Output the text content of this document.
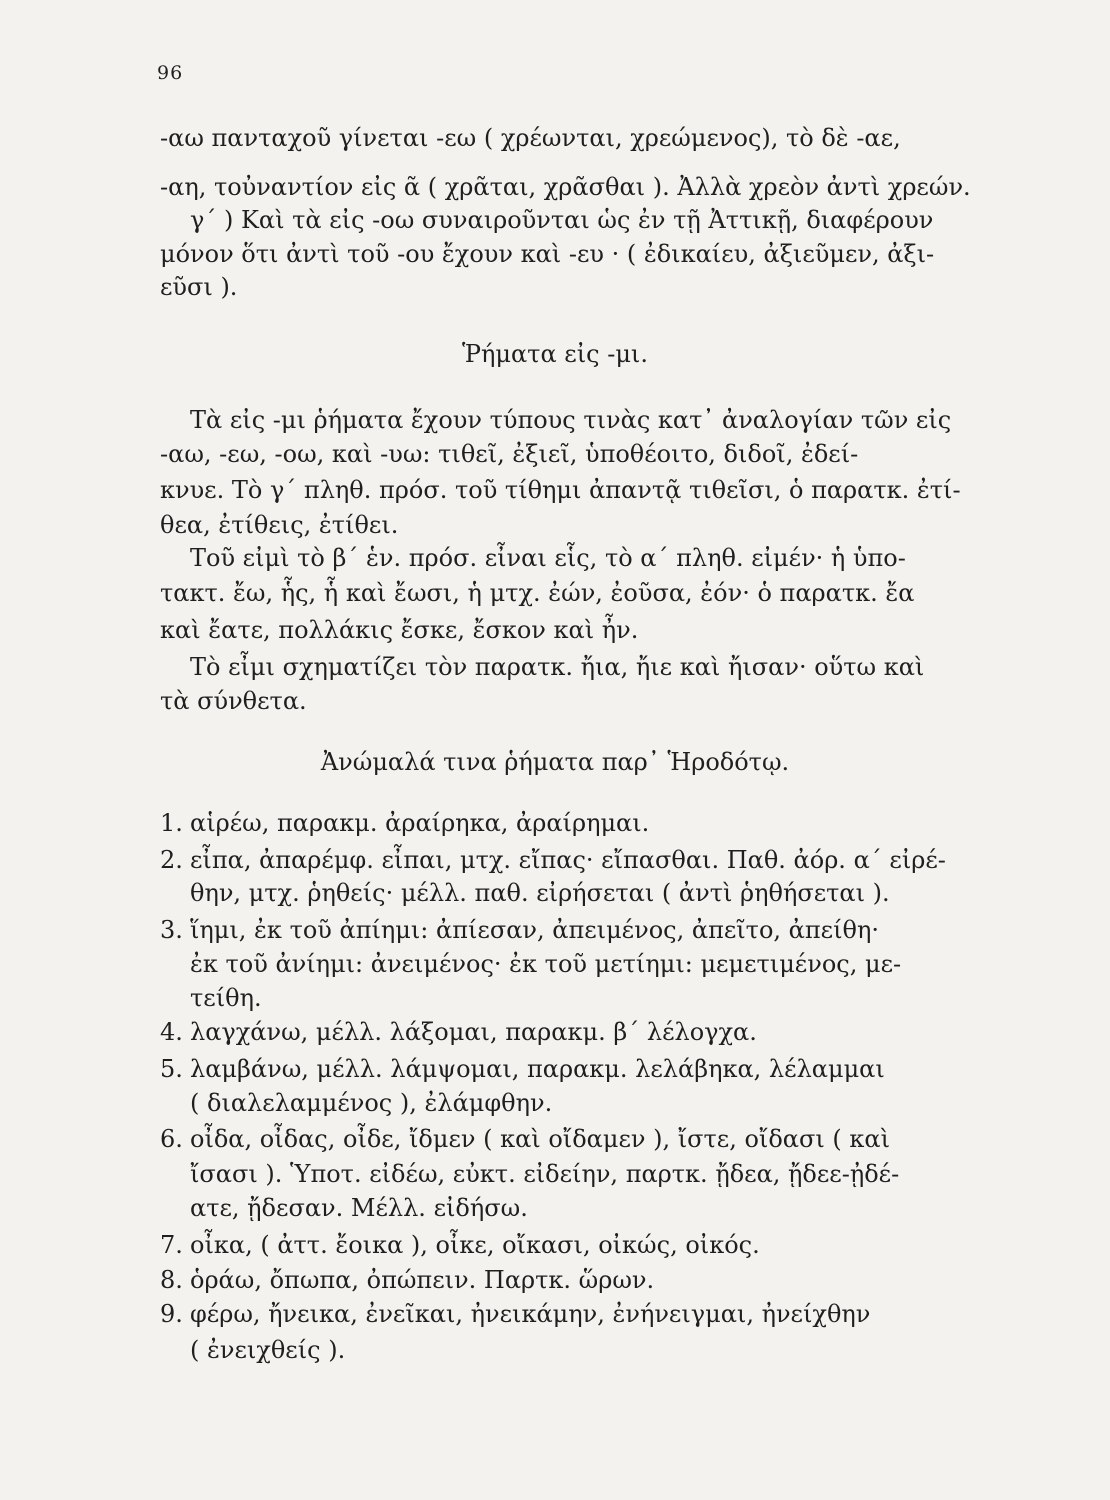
96
-αω πανταχοῦ γίνεται -εω ( χρέωνται, χρεώμενος), τὸ δὲ -αε,
-αη, τοὐναντίον εἰς ᾶ ( χρᾶται, χρᾶσθαι ). Ἀλλὰ χρεὸν ἀντὶ χρεών.
γ΄ ) Καὶ τὰ εἰς -οω συναιροῦνται ὡς ἐν τῇ Ἀττικῇ, διαφέρουν
μόνον ὅτι ἀντὶ τοῦ -ου ἔχουν καὶ -ευ · ( ἐδικαίευ, ἀξιεῦμεν, ἀξι-
εῦσι ).
Ῥήματα εἰς -μι.
Τὰ εἰς -μι ῥήματα ἔχουν τύπους τινὰς κατ᾿ ἀναλογίαν τῶν εἰς
-αω, -εω, -οω, καὶ -υω: τιθεῖ, ἐξιεῖ, ὑποθέοιτο, διδοῖ, ἐδεί-
κνυε. Τὸ γ΄ πληθ. πρόσ. τοῦ τίθημι ἀπαντᾷ τιθεῖσι, ὁ παρατκ. ἐτί-
θεα, ἐτίθεις, ἐτίθει.
Τοῦ εἰμὶ τὸ β΄ ἑν. πρόσ. εἶναι εἷς, τὸ α΄ πληθ. εἰμέν· ἡ ὑπο-
τακτ. ἔω, ἧς, ἧ καὶ ἔωσι, ἡ μτχ. ἐών, ἐοῦσα, ἐόν· ὁ παρατκ. ἔα
καὶ ἔατε, πολλάκις ἔσκε, ἔσκον καὶ ἦν.
Τὸ εἶμι σχηματίζει τὸν παρατκ. ἤια, ἤιε καὶ ἤισαν· οὕτω καὶ
τὰ σύνθετα.
Ἀνώμαλά τινα ῥήματα παρ᾿ Ἡροδότῳ.
1. αἱρέω, παρακμ. ἀραίρηκα, ἀραίρημαι.
2. εἶπα, ἀπαρέμφ. εἶπαι, μτχ. εἴπας· εἴπασθαι. Παθ. ἀόρ. α΄ εἰρέ-
θην, μτχ. ῥηθείς· μέλλ. παθ. εἰρήσεται ( ἀντὶ ῥηθήσεται ).
3. ἵημι, ἐκ τοῦ ἀπίημι: ἀπίεσαν, ἀπειμένος, ἀπεῖτο, ἀπείθη·
ἐκ τοῦ ἀνίημι: ἀνειμένος· ἐκ τοῦ μετίημι: μεμετιμένος, με-
τείθη.
4. λαγχάνω, μέλλ. λάξομαι, παρακμ. β΄ λέλογχα.
5. λαμβάνω, μέλλ. λάμψομαι, παρακμ. λελάβηκα, λέλαμμαι
( διαλελαμμένος ), ἐλάμφθην.
6. οἶδα, οἶδας, οἶδε, ἴδμεν ( καὶ οἴδαμεν ), ἴστε, οἴδασι ( καὶ
ἴσασι ). Ὑποτ. εἰδέω, εὐκτ. εἰδείην, παρτκ. ᾔδεα, ᾔδεε-ᾐδέ-
ατε, ᾔδεσαν. Μέλλ. εἰδήσω.
7. οἶκα, ( ἀττ. ἔοικα ), οἶκε, οἴκασι, οἰκώς, οἰκός.
8. ὁράω, ὄπωπα, ὀπώπειν. Παρτκ. ὥρων.
9. φέρω, ἤνεικα, ἐνεῖκαι, ἠνεικάμην, ἐνήνειγμαι, ἠνείχθην
( ἐνειχθείς ).
